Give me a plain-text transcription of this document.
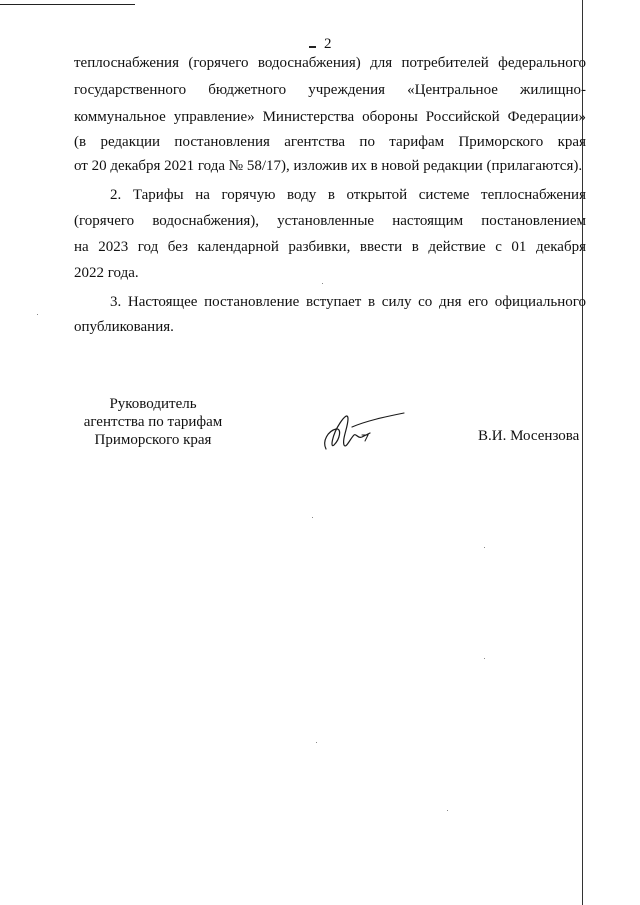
2
теплоснабжения (горячего водоснабжения) для потребителей федерального
государственного бюджетного учреждения «Центральное жилищно-
коммунальное управление» Министерства обороны Российской Федерации»
(в редакции постановления агентства по тарифам Приморского края
от 20 декабря 2021 года № 58/17), изложив их в новой редакции (прилагаются).
2. Тарифы на горячую воду в открытой системе теплоснабжения
(горячего водоснабжения), установленные настоящим постановлением
на 2023 год без календарной разбивки, ввести в действие с 01 декабря
2022 года.
3. Настоящее постановление вступает в силу со дня его официального
опубликования.
Руководитель
агентства по тарифам
Приморского края	В.И. Мосензова
